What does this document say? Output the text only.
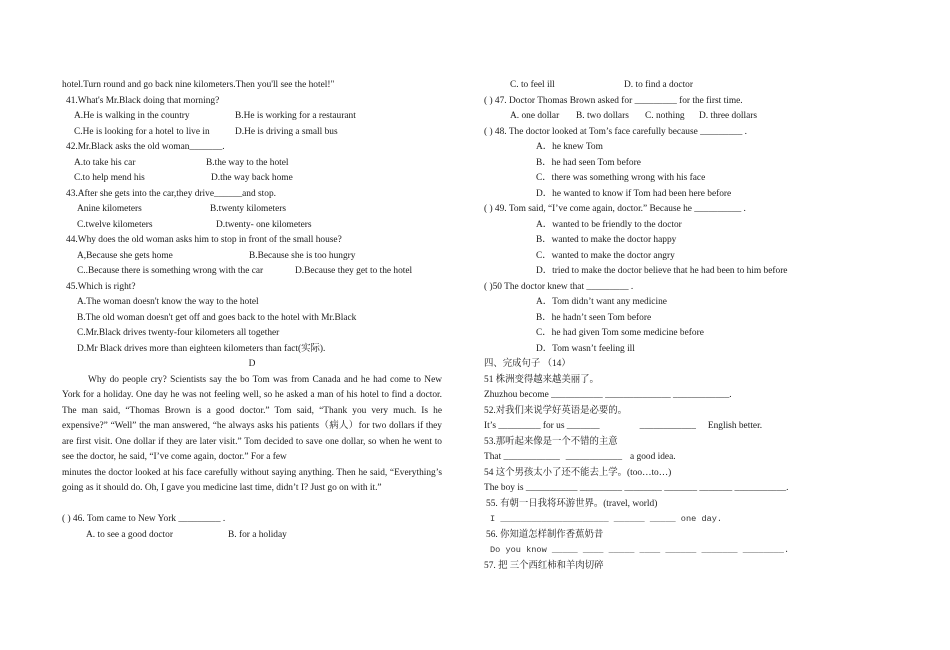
hotel.Turn round and go back nine kilometers.Then you'll see the hotel!"
41.What's Mr.Black doing that morning?
A.He is walking in the country	B.He is working for a restaurant
C.He is looking for a hotel to live in	D.He is driving a small bus
42.Mr.Black asks the old woman_______.
A.to take his car	B.the way to the hotel
C.to help mend his	D.the way back home
43.After she gets into the car,they drive______and stop.
Anine kilometers	B.twenty kilometers
C.twelve kilometers	D.twenty- one kilometers
44.Why does the old woman asks him to stop in front of the small house?
A,Because she gets home	B.Because she is too hungry
C..Because there is something wrong with the car	D.Because they get to the hotel
45.Which is right?
A.The woman doesn't know the way to the hotel
B.The old woman doesn't get off and goes back to the hotel with Mr.Black
C.Mr.Black drives twenty-four kilometers all together
D.Mr Black drives more than eighteen kilometers than fact(实际).
D
Why do people cry? Scientists say the bo Tom was from Canada and he had come to New York for a holiday. One day he was not feeling well, so he asked a man of his hotel to find a doctor. The man said, “Thomas Brown is a good doctor.” Tom said, “Thank you very much. Is he expensive?” “Well” the man answered, “he always asks his patients（病人）for two dollars if they are first visit. One dollar if they are later visit.” Tom decided to save one dollar, so when he went to see the doctor, he said, “I’ve come again, doctor.” For a few
minutes the doctor looked at his face carefully without saying anything. Then he said, “Everything’s going as it should do. Oh, I gave you medicine last time, didn’t I? Just go on with it.”
( ) 46. Tom came to New York _________ .
A. to see a good doctor	B. for a holiday
C. to feel ill	D. to find a doctor
( ) 47. Doctor Thomas Brown asked for _________ for the first time.
A. one dollar B. two dollars C. nothing D. three dollars
( ) 48. The doctor looked at Tom’s face carefully because _________ .
A．he knew Tom
B．he had seen Tom before
C．there was something wrong with his face
D．he wanted to know if Tom had been here before
( ) 49. Tom said, “I’ve come again, doctor.” Because he __________ .
A．wanted to be friendly to the doctor
B．wanted to make the doctor happy
C．wanted to make the doctor angry
D．tried to make the doctor believe that he had been to him before
( )50 The doctor knew that _________ .
A．Tom didn’t want any medicine
B．he hadn’t seen Tom before
C．he had given Tom some medicine before
D．Tom wasn’t feeling ill
四、完成句子 （14）
51 株洲变得越来越美丽了。
Zhuzhou become ___________ ______________ ____________.
52.对我们来说学好英语是必要的。
It’s _________ for us _______	____________ English better.
53.那听起来像是一个不错的主意
That ____________ ____________ a good idea.
54 这个男孩太小了还不能去上学。(too…to…)
The boy is ___________ _________ ________ _______ _______ ___________.
55. 有朝一日我将环游世界。(travel, world)
I _____________________ ______ _____ one day.
56. 你知道怎样制作香蕉奶昔
Do you know _____ ____ _____ ____ ______ _______ ________.
57. 把 三个西红柿和羊肉切碎
